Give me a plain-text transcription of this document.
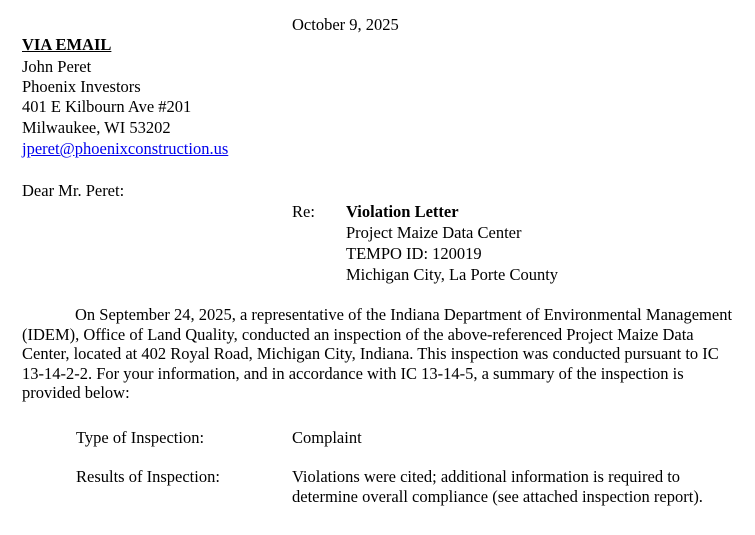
October 9, 2025
VIA EMAIL
John Peret
Phoenix Investors
401 E Kilbourn Ave #201
Milwaukee, WI 53202
jperet@phoenixconstruction.us
Dear Mr. Peret:
Re: Violation Letter
Project Maize Data Center
TEMPO ID: 120019
Michigan City, La Porte County
On September 24, 2025, a representative of the Indiana Department of Environmental Management (IDEM), Office of Land Quality, conducted an inspection of the above-referenced Project Maize Data Center, located at 402 Royal Road, Michigan City, Indiana. This inspection was conducted pursuant to IC 13-14-2-2. For your information, and in accordance with IC 13-14-5, a summary of the inspection is provided below:
Type of Inspection:	Complaint
Results of Inspection:	Violations were cited; additional information is required to determine overall compliance (see attached inspection report).
